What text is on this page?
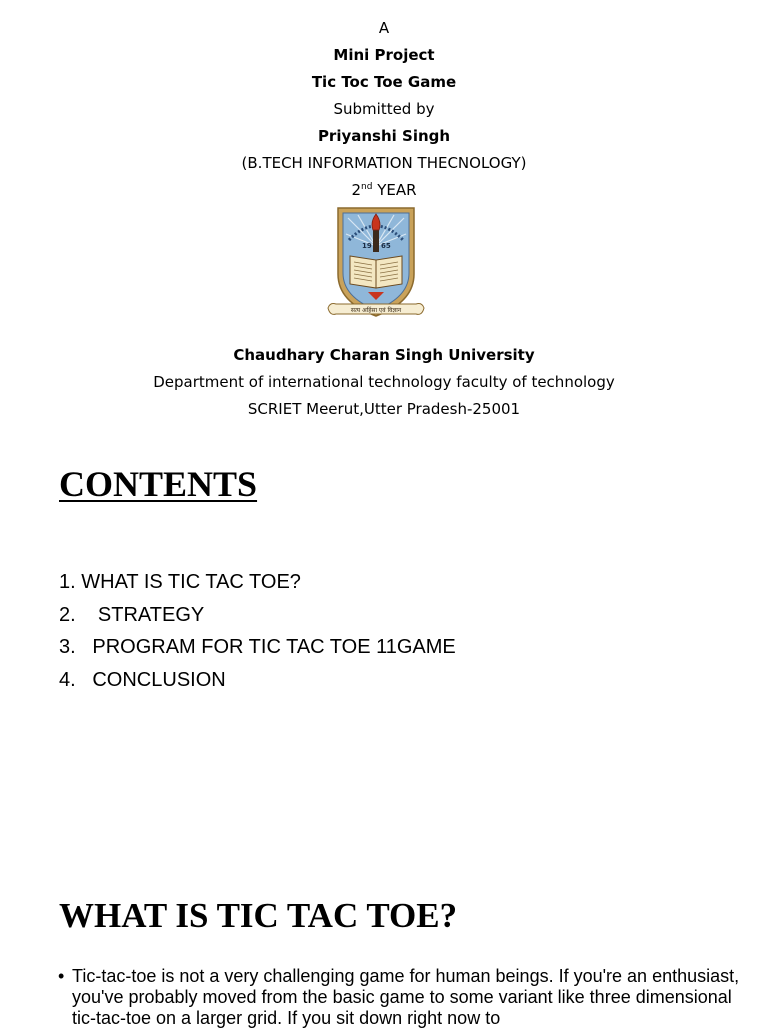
A
Mini Project
Tic Toc Toe Game
Submitted by
Priyanshi Singh
(B.TECH INFORMATION THECNOLOGY)
2nd YEAR
19 65
सत्य अहिंसा एवं विज्ञान
Chaudhary Charan Singh University
Department of international technology faculty of technology
SCRIET Meerut,Utter Pradesh-25001
CONTENTS
1. WHAT IS TIC TAC TOE?
2. STRATEGY
3. PROGRAM FOR TIC TAC TOE 11GAME
4. CONCLUSION
WHAT IS TIC TAC TOE?
• Tic-tac-toe is not a very challenging game for human beings. If you're an enthusiast, you've probably moved from the basic game to some variant like three dimensional tic-tac-toe on a larger grid. If you sit down right now to
